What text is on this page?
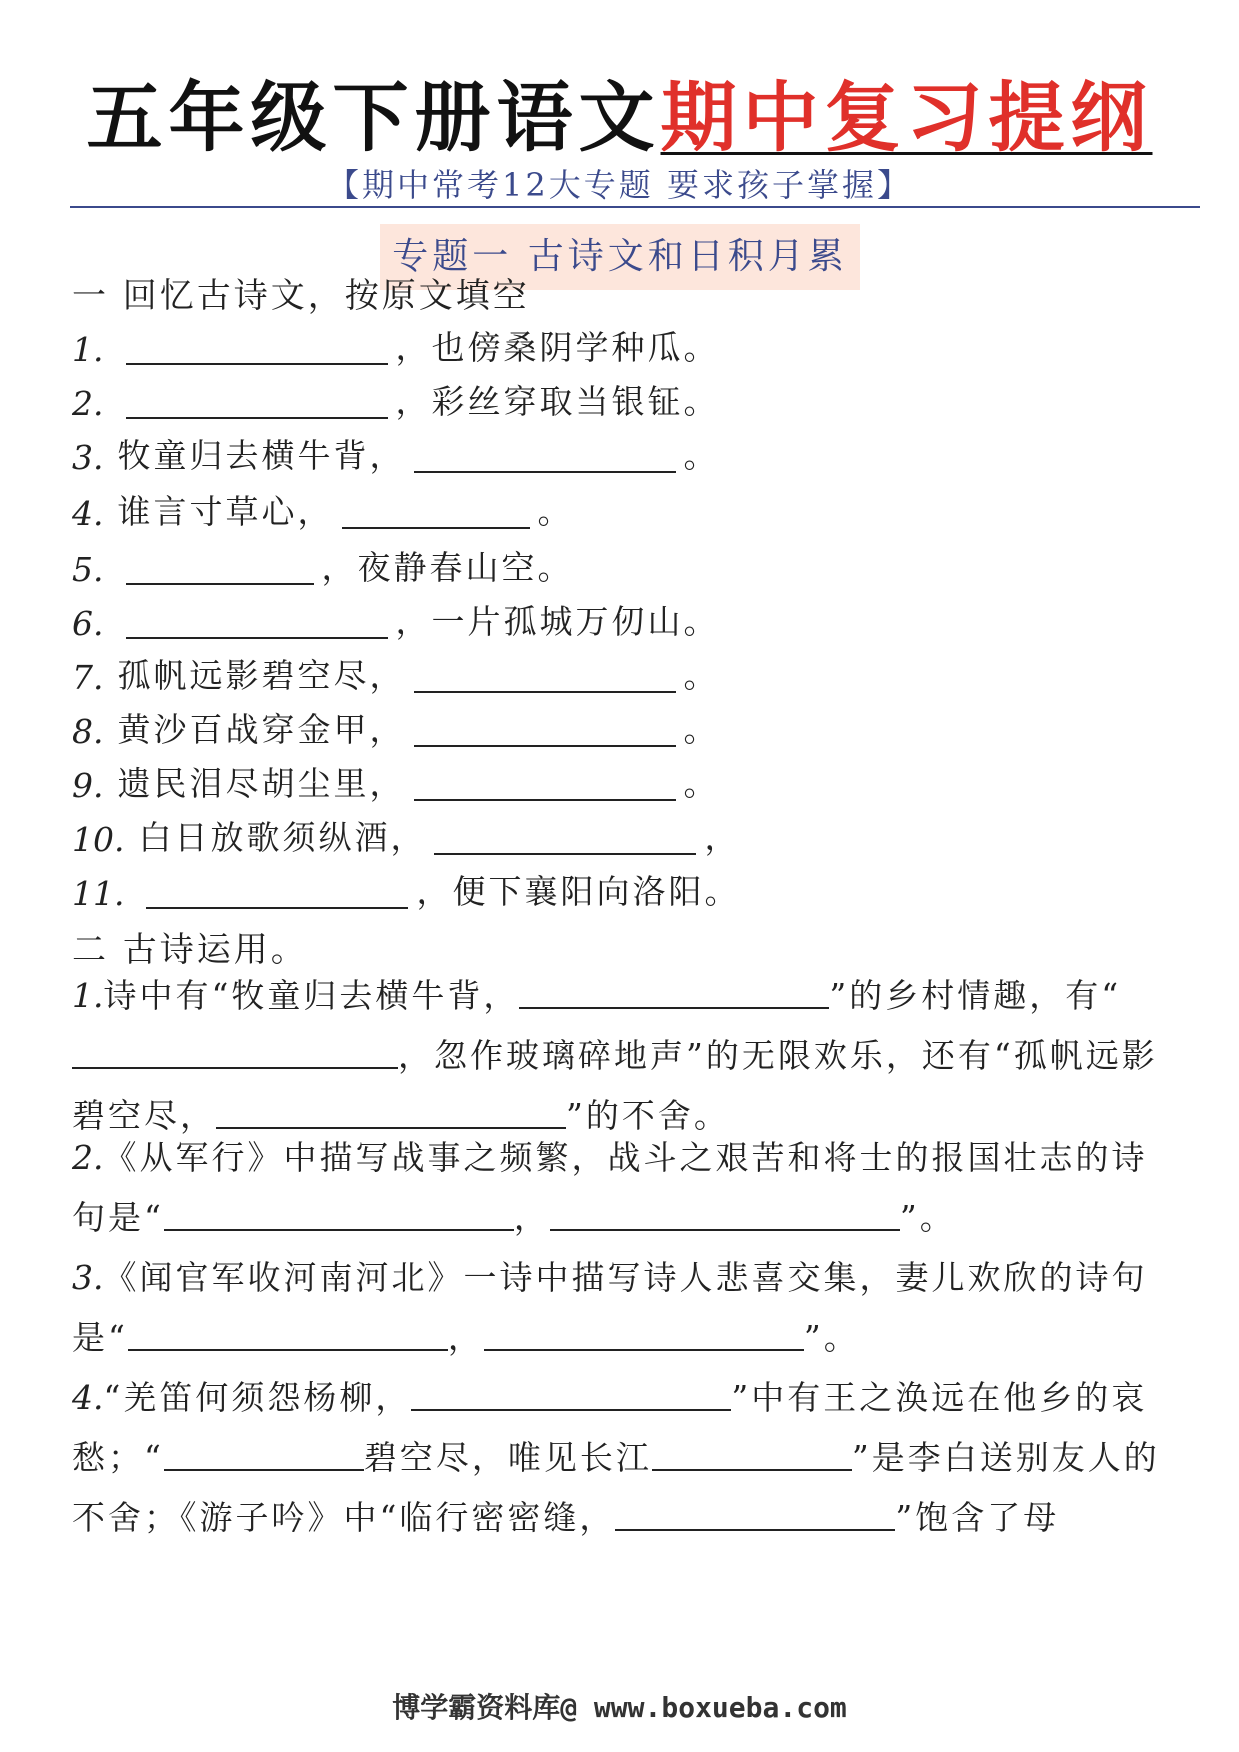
五年级下册语文期中复习提纲
【期中常考12大专题 要求孩子掌握】
专题一 古诗文和日积月累
一 回忆古诗文，按原文填空
1.	，也傍桑阴学种瓜。
2.	，彩丝穿取当银钲。
3. 牧童归去横牛背，	。
4. 谁言寸草心，	。
5.	，夜静春山空。
6.	，一片孤城万仞山。
7. 孤帆远影碧空尽，	。
8. 黄沙百战穿金甲，	。
9. 遗民泪尽胡尘里，	。
10. 白日放歌须纵酒，	，
11.	，便下襄阳向洛阳。
二 古诗运用。
1.诗中有“牧童归去横牛背，	”的乡村情趣，有“，忽作玻璃碎地声”的无限欢乐，还有“孤帆远影碧空尽，	”的不舍。
2.《从军行》中描写战事之频繁，战斗之艰苦和将士的报国壮志的诗句是“	，	”。
3.《闻官军收河南河北》一诗中描写诗人悲喜交集，妻儿欢欣的诗句是“	，	”。
4.“羌笛何须怨杨柳，	”中有王之涣远在他乡的哀愁；“	碧空尽，唯见长江	”是李白送别友人的不舍；《游子吟》中“临行密密缝，	”饱含了母
博学霸资料库@ www.boxueba.com
